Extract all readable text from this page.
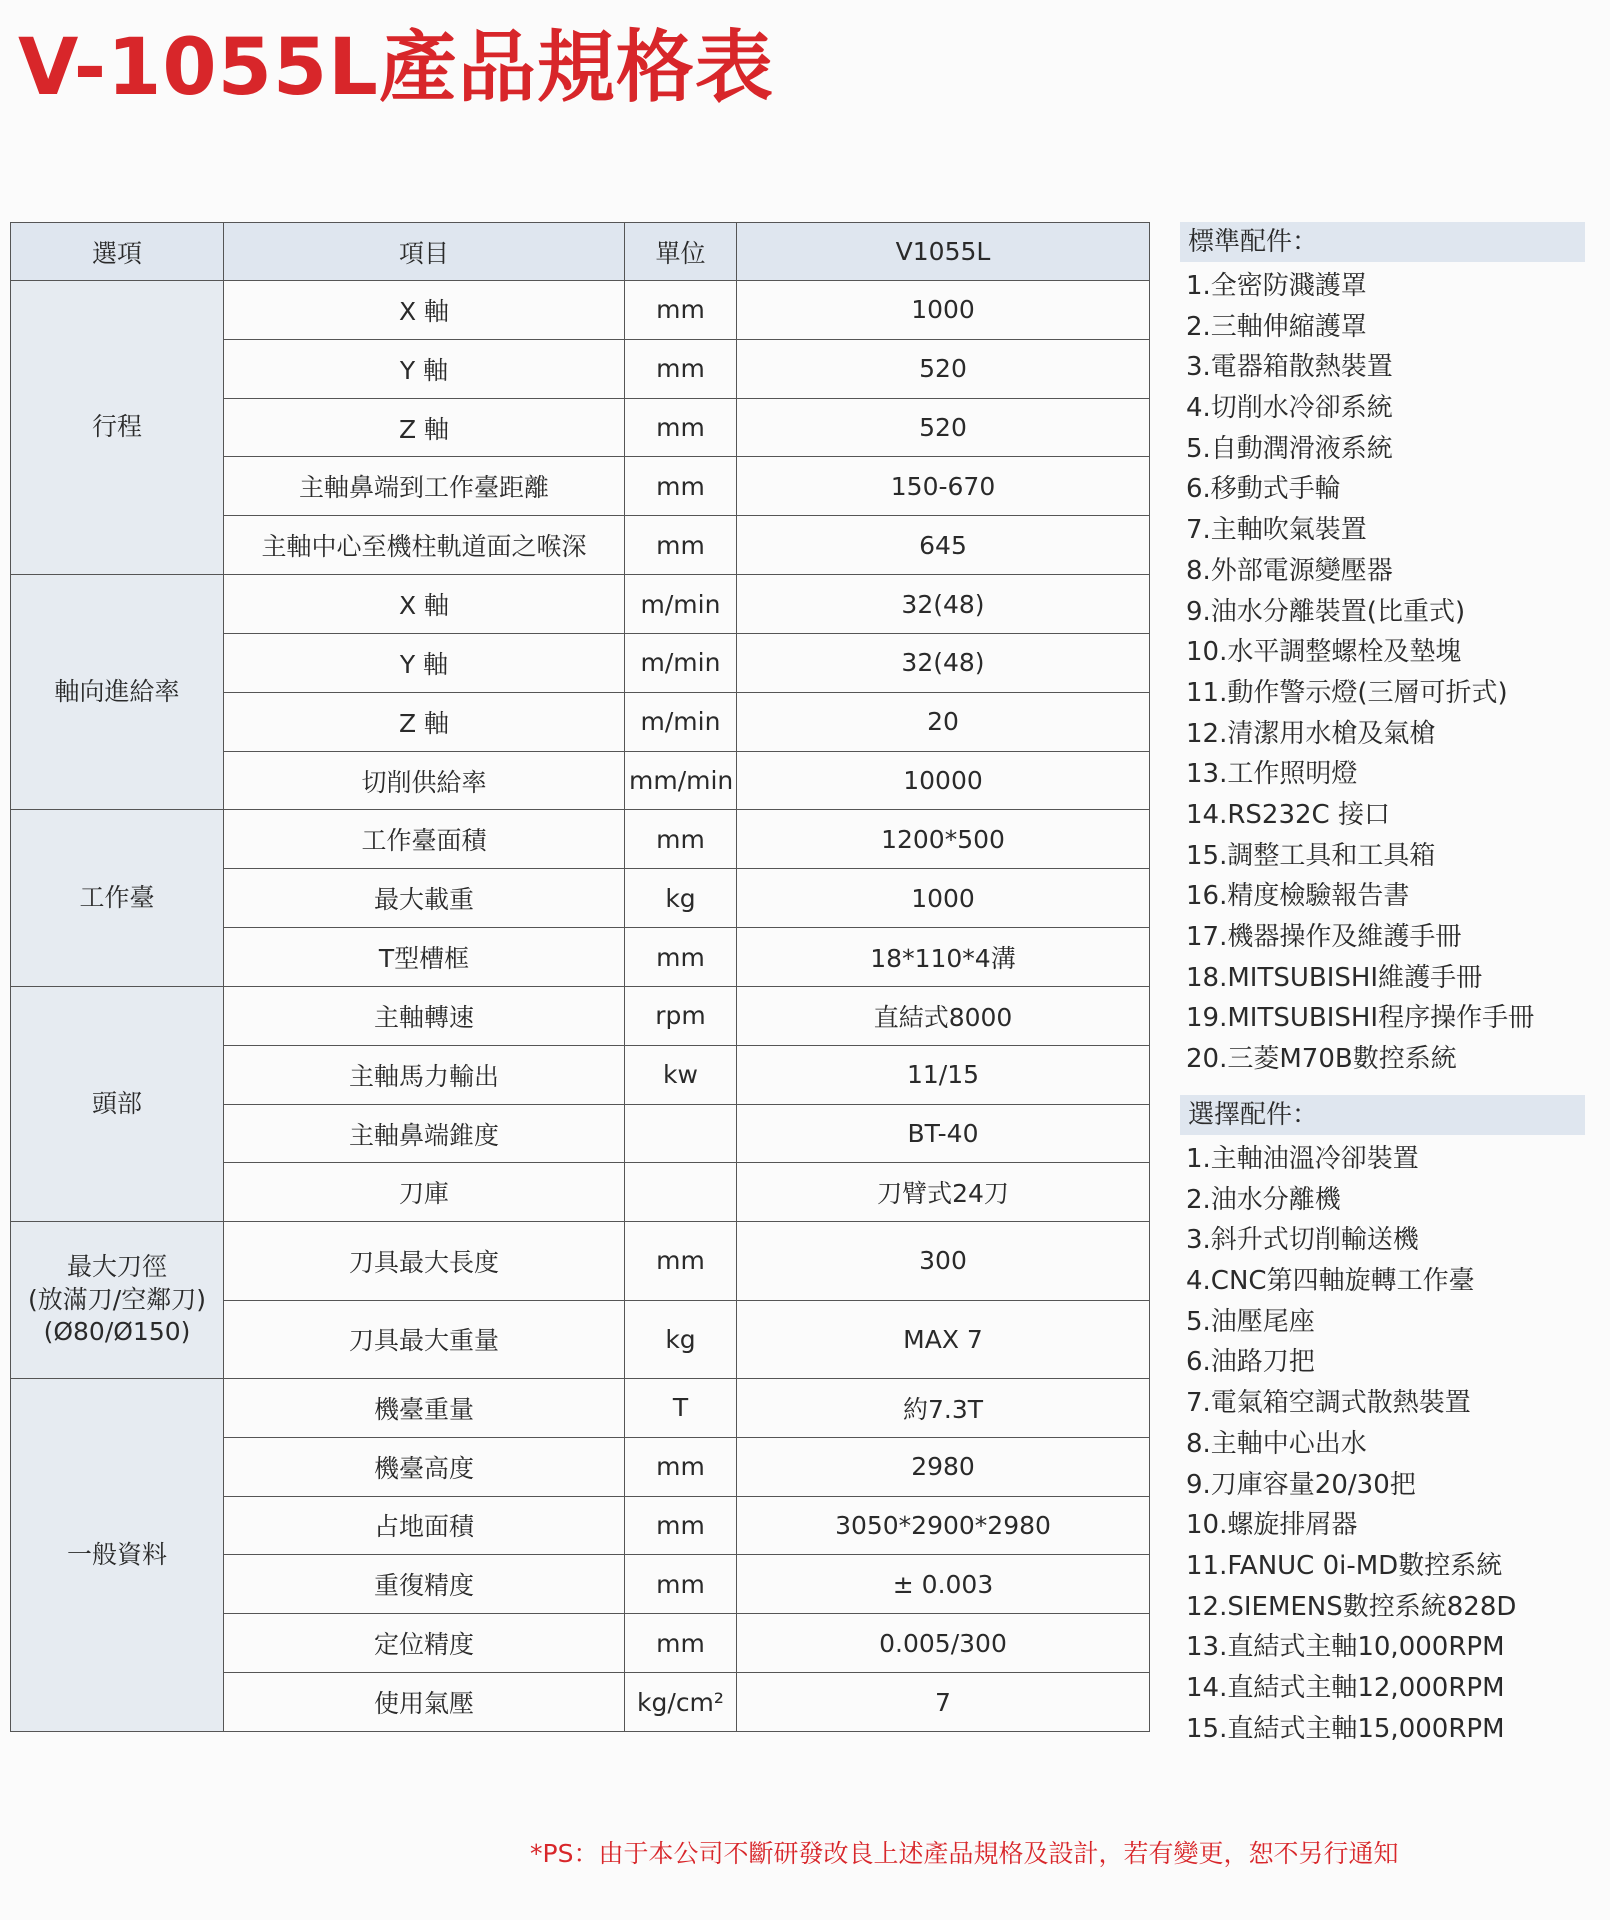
V-1055L產品規格表
選項	項目	單位	V1055L
行程	X 軸	mm	1000
	Y 軸	mm	520
	Z 軸	mm	520
	主軸鼻端到工作臺距離	mm	150-670
	主軸中心至機柱軌道面之喉深	mm	645
軸向進給率	X 軸	m/min	32(48)
	Y 軸	m/min	32(48)
	Z 軸	m/min	20
	切削供給率	mm/min	10000
工作臺	工作臺面積	mm	1200*500
	最大載重	kg	1000
	T型槽框	mm	18*110*4溝
頭部	主軸轉速	rpm	直結式8000
	主軸馬力輸出	kw	11/15
	主軸鼻端錐度		BT-40
	刀庫		刀臂式24刀
最大刀徑
(放滿刀/空鄰刀)
(Ø80/Ø150)	刀具最大長度	mm	300
	刀具最大重量	kg	MAX 7
一般資料	機臺重量	T	約7.3T
	機臺高度	mm	2980
	占地面積	mm	3050*2900*2980
	重復精度	mm	± 0.003
	定位精度	mm	0.005/300
	使用氣壓	kg/cm²	7
標準配件：
1.全密防濺護罩
2.三軸伸縮護罩
3.電器箱散熱裝置
4.切削水冷卻系統
5.自動潤滑液系統
6.移動式手輪
7.主軸吹氣裝置
8.外部電源變壓器
9.油水分離裝置(比重式)
10.水平調整螺栓及墊塊
11.動作警示燈(三層可折式)
12.清潔用水槍及氣槍
13.工作照明燈
14.RS232C 接口
15.調整工具和工具箱
16.精度檢驗報告書
17.機器操作及維護手冊
18.MITSUBISHI維護手冊
19.MITSUBISHI程序操作手冊
20.三菱M70B數控系統
選擇配件：
1.主軸油溫冷卻裝置
2.油水分離機
3.斜升式切削輸送機
4.CNC第四軸旋轉工作臺
5.油壓尾座
6.油路刀把
7.電氣箱空調式散熱裝置
8.主軸中心出水
9.刀庫容量20/30把
10.螺旋排屑器
11.FANUC 0i-MD數控系統
12.SIEMENS數控系統828D
13.直結式主軸10,000RPM
14.直結式主軸12,000RPM
15.直結式主軸15,000RPM
*PS：由于本公司不斷研發改良上述產品規格及設計，若有變更，恕不另行通知
